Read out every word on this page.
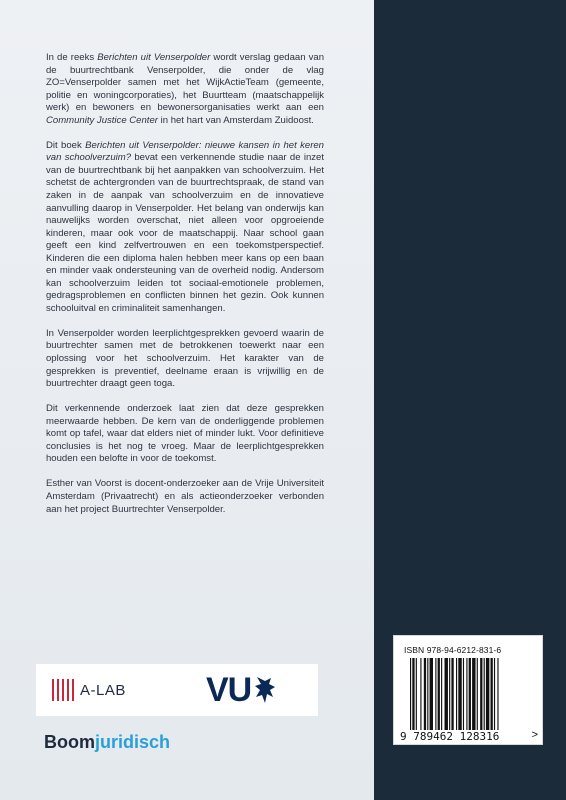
In de reeks Berichten uit Venserpolder wordt verslag gedaan van de buurtrechtbank Venserpolder, die onder de vlag ZO=Venserpolder samen met het WijkActieTeam (gemeente, politie en woningcorporaties), het Buurtteam (maatschappelijk werk) en bewoners en bewonersorganisaties werkt aan een Community Justice Center in het hart van Amsterdam Zuidoost.

Dit boek Berichten uit Venserpolder: nieuwe kansen in het keren van schoolverzuim? bevat een verkennende studie naar de inzet van de buurtrechtbank bij het aanpakken van schoolverzuim. Het schetst de achtergronden van de buurtrechtspraak, de stand van zaken in de aanpak van schoolverzuim en de innovatieve aanvulling daarop in Venserpolder. Het belang van onderwijs kan nauwelijks worden overschat, niet alleen voor opgroeiende kinderen, maar ook voor de maatschappij. Naar school gaan geeft een kind zelfvertrouwen en een toekomstperspectief. Kinderen die een diploma halen hebben meer kans op een baan en minder vaak ondersteuning van de overheid nodig. Andersom kan schoolverzuim leiden tot sociaal-emotionele problemen, gedragsproblemen en conflicten binnen het gezin. Ook kunnen schooluitval en criminaliteit samenhangen.

In Venserpolder worden leerplichtgesprekken gevoerd waarin de buurtrechter samen met de betrokkenen toewerkt naar een oplossing voor het schoolverzuim. Het karakter van de gesprekken is preventief, deelname eraan is vrijwillig en de buurtrechter draagt geen toga.

Dit verkennende onderzoek laat zien dat deze gesprekken meerwaarde hebben. De kern van de onderliggende problemen komt op tafel, waar dat elders niet of minder lukt. Voor definitieve conclusies is het nog te vroeg. Maar de leerplichtgesprekken houden een belofte in voor de toekomst.

Esther van Voorst is docent-onderzoeker aan de Vrije Universiteit Amsterdam (Privaatrecht) en als actieonderzoeker verbonden aan het project Buurtrechter Venserpolder.

A-LAB VU
Boomjuridisch
ISBN 978-94-6212-831-6
9 789462 128316	>
